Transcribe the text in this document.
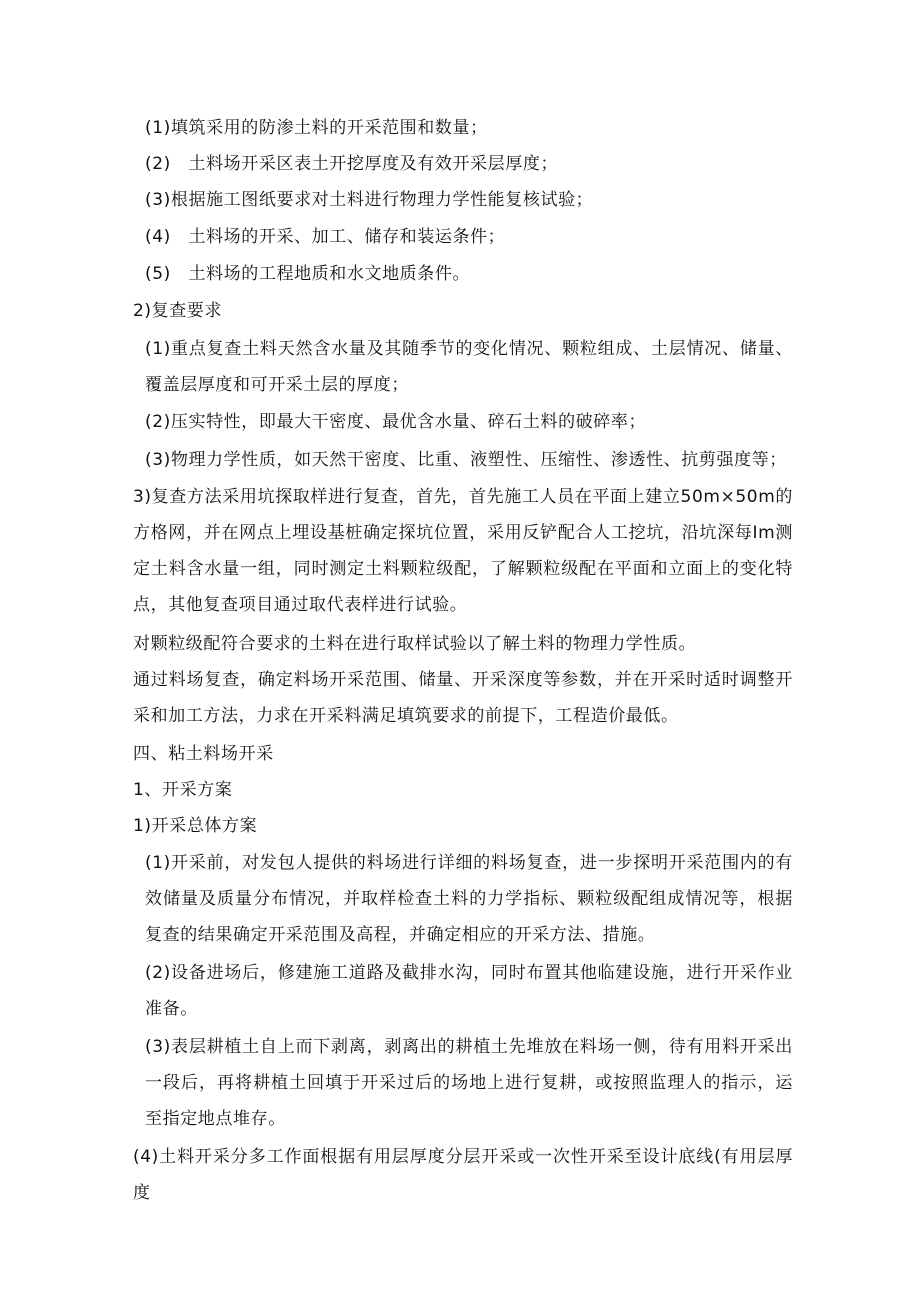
(1)填筑采用的防渗土料的开采范围和数量；

(2)　土料场开采区表土开挖厚度及有效开采层厚度；

(3)根据施工图纸要求对土料进行物理力学性能复核试验；

(4)　土料场的开采、加工、储存和装运条件；

(5)　土料场的工程地质和水文地质条件。

2)复查要求

(1)重点复查土料天然含水量及其随季节的变化情况、颗粒组成、土层情况、储量、覆盖层厚度和可开采土层的厚度；

(2)压实特性，即最大干密度、最优含水量、碎石土料的破碎率；

(3)物理力学性质，如天然干密度、比重、液塑性、压缩性、渗透性、抗剪强度等；

3)复查方法采用坑探取样进行复查，首先，首先施工人员在平面上建立50m×50m的方格网，并在网点上埋设基桩确定探坑位置，采用反铲配合人工挖坑，沿坑深每Im测定土料含水量一组，同时测定土料颗粒级配，了解颗粒级配在平面和立面上的变化特点，其他复查项目通过取代表样进行试验。

对颗粒级配符合要求的土料在进行取样试验以了解土料的物理力学性质。

通过料场复查，确定料场开采范围、储量、开采深度等参数，并在开采时适时调整开采和加工方法，力求在开采料满足填筑要求的前提下，工程造价最低。

四、粘土料场开采

1、开采方案

1)开采总体方案

(1)开采前，对发包人提供的料场进行详细的料场复查，进一步探明开采范围内的有效储量及质量分布情况，并取样检查土料的力学指标、颗粒级配组成情况等，根据复查的结果确定开采范围及高程，并确定相应的开采方法、措施。

(2)设备进场后，修建施工道路及截排水沟，同时布置其他临建设施，进行开采作业准备。

(3)表层耕植土自上而下剥离，剥离出的耕植土先堆放在料场一侧，待有用料开采出一段后，再将耕植土回填于开采过后的场地上进行复耕，或按照监理人的指示，运至指定地点堆存。

(4)土料开采分多工作面根据有用层厚度分层开采或一次性开采至设计底线(有用层厚度
